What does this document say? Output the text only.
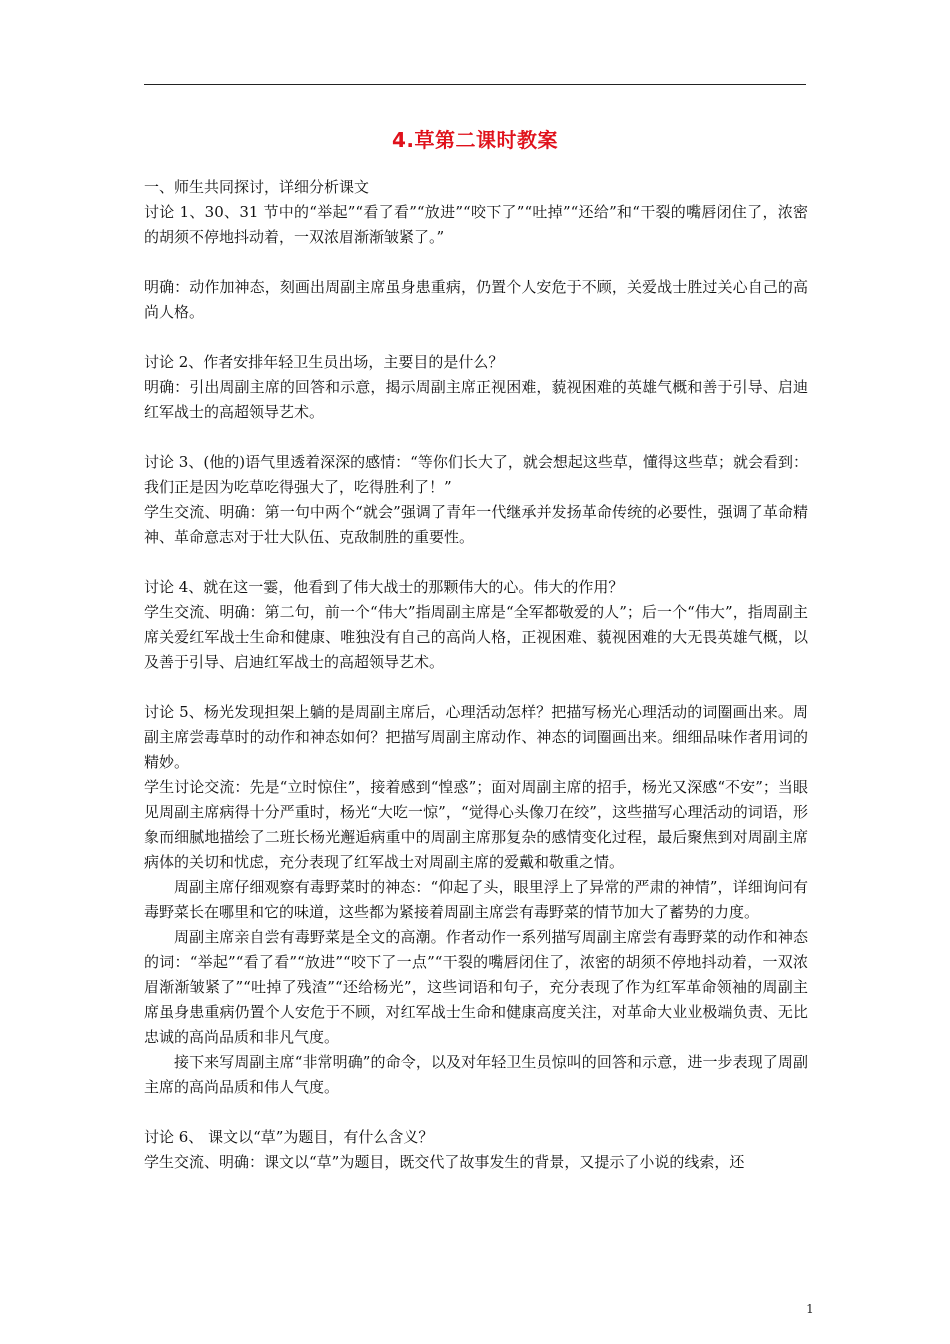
4.草第二课时教案

一、师生共同探讨，详细分析课文

讨论 1、30、31 节中的“举起”“看了看”“放进”“咬下了”“吐掉”“还给”和“干裂的嘴唇闭住了，浓密的胡须不停地抖动着，一双浓眉渐渐皱紧了。”

明确：动作加神态，刻画出周副主席虽身患重病，仍置个人安危于不顾，关爱战士胜过关心自己的高尚人格。

讨论 2、作者安排年轻卫生员出场，主要目的是什么？

明确：引出周副主席的回答和示意，揭示周副主席正视困难，藐视困难的英雄气概和善于引导、启迪红军战士的高超领导艺术。

讨论 3、(他的)语气里透着深深的感情：“等你们长大了，就会想起这些草，懂得这些草；就会看到：我们正是因为吃草吃得强大了，吃得胜利了！”

学生交流、明确：第一句中两个“就会”强调了青年一代继承并发扬革命传统的必要性，强调了革命精神、革命意志对于壮大队伍、克敌制胜的重要性。

讨论 4、就在这一霎，他看到了伟大战士的那颗伟大的心。伟大的作用？

学生交流、明确：第二句，前一个“伟大”指周副主席是“全军都敬爱的人”；后一个“伟大”，指周副主席关爱红军战士生命和健康、唯独没有自己的高尚人格，正视困难、藐视困难的大无畏英雄气概，以及善于引导、启迪红军战士的高超领导艺术。

讨论 5、杨光发现担架上躺的是周副主席后，心理活动怎样？把描写杨光心理活动的词圈画出来。周副主席尝毒草时的动作和神态如何？把描写周副主席动作、神态的词圈画出来。细细品味作者用词的精妙。

学生讨论交流：先是“立时惊住”，接着感到“惶惑”；面对周副主席的招手，杨光又深感“不安”；当眼见周副主席病得十分严重时，杨光“大吃一惊”，“觉得心头像刀在绞”，这些描写心理活动的词语，形象而细腻地描绘了二班长杨光邂逅病重中的周副主席那复杂的感情变化过程，最后聚焦到对周副主席病体的关切和忧虑，充分表现了红军战士对周副主席的爱戴和敬重之情。

周副主席仔细观察有毒野菜时的神态：“仰起了头，眼里浮上了异常的严肃的神情”，详细询问有毒野菜长在哪里和它的味道，这些都为紧接着周副主席尝有毒野菜的情节加大了蓄势的力度。

周副主席亲自尝有毒野菜是全文的高潮。作者动作一系列描写周副主席尝有毒野菜的动作和神态的词：“举起”“看了看”“放进”“咬下了一点”“干裂的嘴唇闭住了，浓密的胡须不停地抖动着，一双浓眉渐渐皱紧了”“吐掉了残渣”“还给杨光”，这些词语和句子，充分表现了作为红军革命领袖的周副主席虽身患重病仍置个人安危于不顾，对红军战士生命和健康高度关注，对革命大业业极端负责、无比忠诚的高尚品质和非凡气度。

接下来写周副主席“非常明确”的命令，以及对年轻卫生员惊叫的回答和示意，进一步表现了周副主席的高尚品质和伟人气度。

讨论 6、 课文以“草”为题目，有什么含义？

学生交流、明确：课文以“草”为题目，既交代了故事发生的背景，又提示了小说的线索，还

1
